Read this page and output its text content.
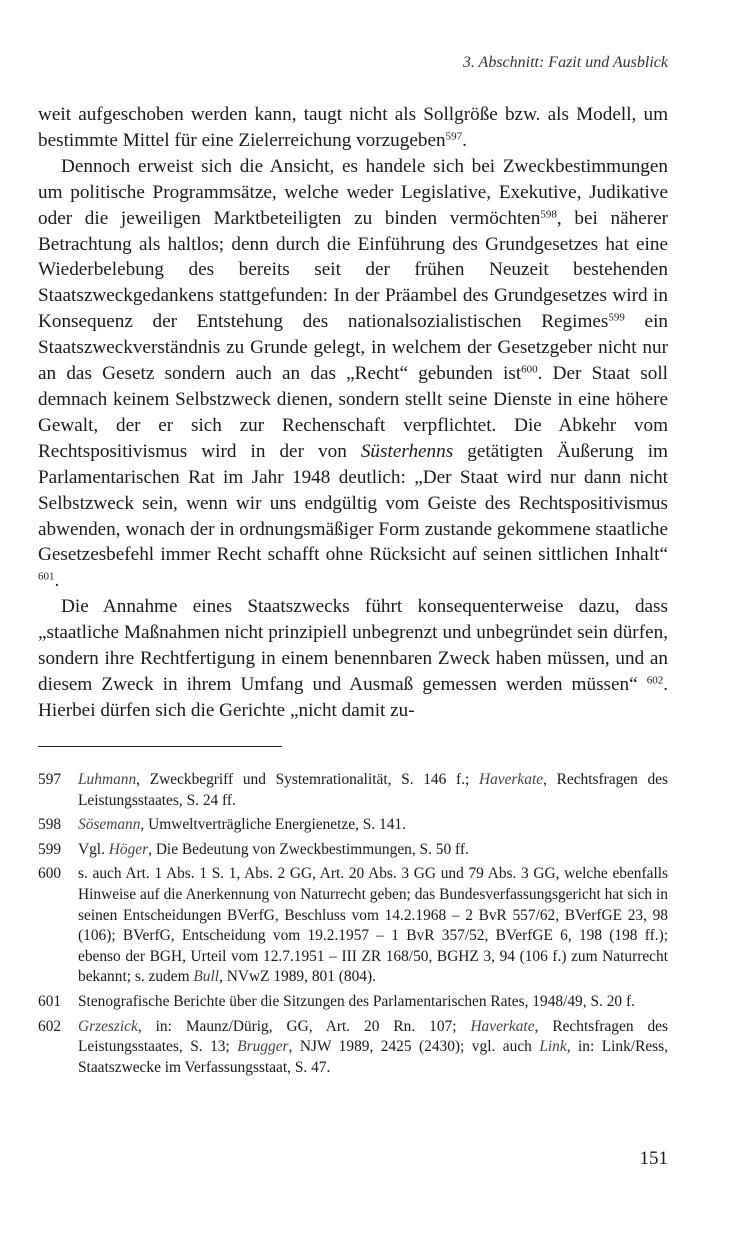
3. Abschnitt: Fazit und Ausblick

weit aufgeschoben werden kann, taugt nicht als Sollgröße bzw. als Modell, um bestimmte Mittel für eine Zielerreichung vorzugeben$^{597}$.

Dennoch erweist sich die Ansicht, es handele sich bei Zweckbestimmungen um politische Programmsätze, welche weder Legislative, Exekutive, Judikative oder die jeweiligen Marktbeteiligten zu binden vermöchten$^{598}$, bei näherer Betrachtung als haltlos; denn durch die Einführung des Grundgesetzes hat eine Wiederbelebung des bereits seit der frühen Neuzeit bestehenden Staatszweckgedankens stattgefunden: In der Präambel des Grundgesetzes wird in Konsequenz der Entstehung des nationalsozialistischen Regimes$^{599}$ ein Staatszweckverständnis zu Grunde gelegt, in welchem der Gesetzgeber nicht nur an das Gesetz sondern auch an das „Recht“ gebunden ist$^{600}$. Der Staat soll demnach keinem Selbstzweck dienen, sondern stellt seine Dienste in eine höhere Gewalt, der er sich zur Rechenschaft verpflichtet. Die Abkehr vom Rechtspositivismus wird in der von Süsterhenns getätigten Äußerung im Parlamentarischen Rat im Jahr 1948 deutlich: „Der Staat wird nur dann nicht Selbstzweck sein, wenn wir uns endgültig vom Geiste des Rechtspositivismus abwenden, wonach der in ordnungsmäßiger Form zustande gekommene staatliche Gesetzesbefehl immer Recht schafft ohne Rücksicht auf seinen sittlichen Inhalt“ $^{601}$.

Die Annahme eines Staatszwecks führt konsequenterweise dazu, dass „staatliche Maßnahmen nicht prinzipiell unbegrenzt und unbegründet sein dürfen, sondern ihre Rechtfertigung in einem benennbaren Zweck haben müssen, und an diesem Zweck in ihrem Umfang und Ausmaß gemessen werden müssen“ $^{602}$. Hierbei dürfen sich die Gerichte „nicht damit zu-

597	Luhmann, Zweckbegriff und Systemrationalität, S. 146 f.; Haverkate, Rechtsfragen des Leistungsstaates, S. 24 ff.
598	Sösemann, Umweltverträgliche Energienetze, S. 141.
599	Vgl. Höger, Die Bedeutung von Zweckbestimmungen, S. 50 ff.
600	s. auch Art. 1 Abs. 1 S. 1, Abs. 2 GG, Art. 20 Abs. 3 GG und 79 Abs. 3 GG, welche ebenfalls Hinweise auf die Anerkennung von Naturrecht geben; das Bundesverfassungsgericht hat sich in seinen Entscheidungen BVerfG, Beschluss vom 14.2.1968 – 2 BvR 557/62, BVerfGE 23, 98 (106); BVerfG, Entscheidung vom 19.2.1957 – 1 BvR 357/52, BVerfGE 6, 198 (198 ff.); ebenso der BGH, Urteil vom 12.7.1951 – III ZR 168/50, BGHZ 3, 94 (106 f.) zum Naturrecht bekannt; s. zudem Bull, NVwZ 1989, 801 (804).
601	Stenografische Berichte über die Sitzungen des Parlamentarischen Rates, 1948/49, S. 20 f.
602	Grzeszick, in: Maunz/Dürig, GG, Art. 20 Rn. 107; Haverkate, Rechtsfragen des Leistungsstaates, S. 13; Brugger, NJW 1989, 2425 (2430); vgl. auch Link, in: Link/Ress, Staatszwecke im Verfassungsstaat, S. 47.
151
